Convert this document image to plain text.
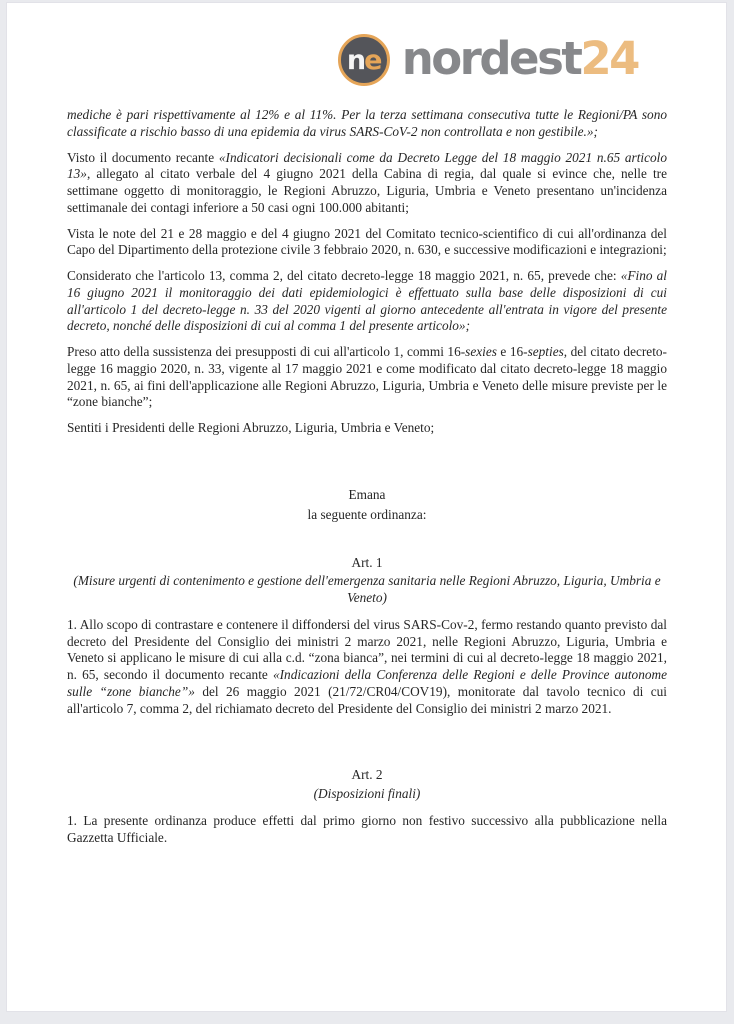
n e nordest24

mediche è pari rispettivamente al 12% e al 11%. Per la terza settimana consecutiva tutte le Regioni/PA sono classificate a rischio basso di una epidemia da virus SARS-CoV-2 non controllata e non gestibile.»;

Visto il documento recante «Indicatori decisionali come da Decreto Legge del 18 maggio 2021 n.65 articolo 13», allegato al citato verbale del 4 giugno 2021 della Cabina di regia, dal quale si evince che, nelle tre settimane oggetto di monitoraggio, le Regioni Abruzzo, Liguria, Umbria e Veneto presentano un'incidenza settimanale dei contagi inferiore a 50 casi ogni 100.000 abitanti;

Vista le note del 21 e 28 maggio e del 4 giugno 2021 del Comitato tecnico-scientifico di cui all'ordinanza del Capo del Dipartimento della protezione civile 3 febbraio 2020, n. 630, e successive modificazioni e integrazioni;

Considerato che l'articolo 13, comma 2, del citato decreto-legge 18 maggio 2021, n. 65, prevede che: «Fino al 16 giugno 2021 il monitoraggio dei dati epidemiologici è effettuato sulla base delle disposizioni di cui all'articolo 1 del decreto-legge n. 33 del 2020 vigenti al giorno antecedente all'entrata in vigore del presente decreto, nonché delle disposizioni di cui al comma 1 del presente articolo»;

Preso atto della sussistenza dei presupposti di cui all'articolo 1, commi 16-sexies e 16-septies, del citato decreto-legge 16 maggio 2020, n. 33, vigente al 17 maggio 2021 e come modificato dal citato decreto-legge 18 maggio 2021, n. 65, ai fini dell'applicazione alle Regioni Abruzzo, Liguria, Umbria e Veneto delle misure previste per le “zone bianche”;

Sentiti i Presidenti delle Regioni Abruzzo, Liguria, Umbria e Veneto;

Emana
la seguente ordinanza:

Art. 1

(Misure urgenti di contenimento e gestione dell'emergenza sanitaria nelle Regioni Abruzzo, Liguria, Umbria e Veneto)

1. Allo scopo di contrastare e contenere il diffondersi del virus SARS-Cov-2, fermo restando quanto previsto dal decreto del Presidente del Consiglio dei ministri 2 marzo 2021, nelle Regioni Abruzzo, Liguria, Umbria e Veneto si applicano le misure di cui alla c.d. “zona bianca”, nei termini di cui al decreto-legge 18 maggio 2021, n. 65, secondo il documento recante «Indicazioni della Conferenza delle Regioni e delle Province autonome sulle “zone bianche”» del 26 maggio 2021 (21/72/CR04/COV19), monitorate dal tavolo tecnico di cui all'articolo 7, comma 2, del richiamato decreto del Presidente del Consiglio dei ministri 2 marzo 2021.

Art. 2

(Disposizioni finali)

1. La presente ordinanza produce effetti dal primo giorno non festivo successivo alla pubblicazione nella Gazzetta Ufficiale.
